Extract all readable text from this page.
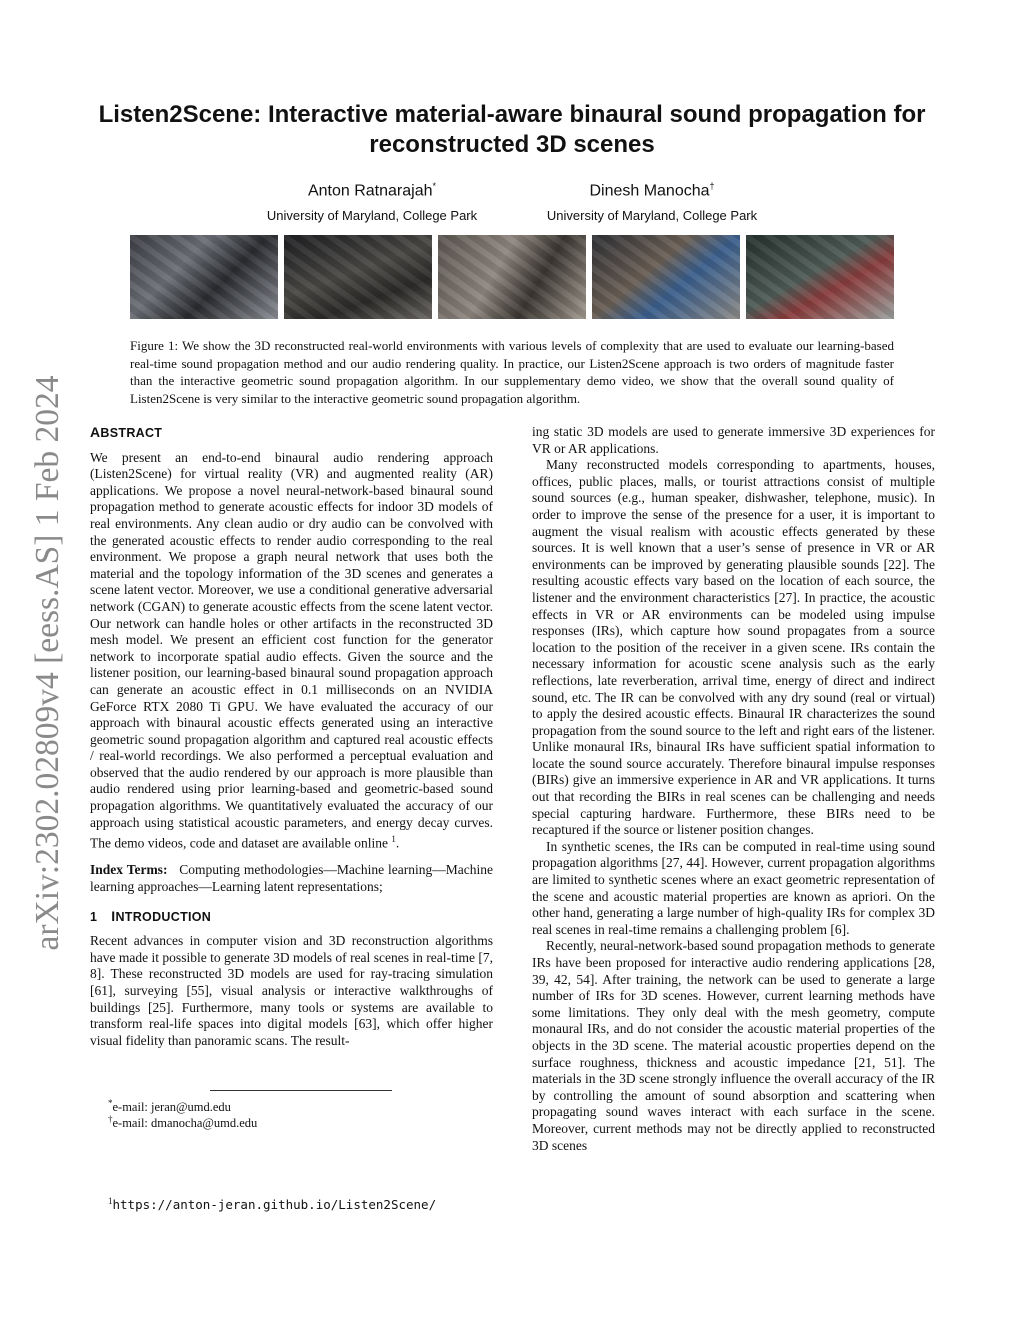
arXiv:2302.02809v4 [eess.AS] 1 Feb 2024
Listen2Scene: Interactive material-aware binaural sound propagation for reconstructed 3D scenes
Anton Ratnarajah*
University of Maryland, College Park
Dinesh Manocha†
University of Maryland, College Park

Figure 1: We show the 3D reconstructed real-world environments with various levels of complexity that are used to evaluate our learning-based real-time sound propagation method and our audio rendering quality. In practice, our Listen2Scene approach is two orders of magnitude faster than the interactive geometric sound propagation algorithm. In our supplementary demo video, we show that the overall sound quality of Listen2Scene is very similar to the interactive geometric sound propagation algorithm.

ABSTRACT

We present an end-to-end binaural audio rendering approach (Listen2Scene) for virtual reality (VR) and augmented reality (AR) applications. We propose a novel neural-network-based binaural sound propagation method to generate acoustic effects for indoor 3D models of real environments. Any clean audio or dry audio can be convolved with the generated acoustic effects to render audio corresponding to the real environment. We propose a graph neural network that uses both the material and the topology information of the 3D scenes and generates a scene latent vector. Moreover, we use a conditional generative adversarial network (CGAN) to generate acoustic effects from the scene latent vector. Our network can handle holes or other artifacts in the reconstructed 3D mesh model. We present an efficient cost function for the generator network to incorporate spatial audio effects. Given the source and the listener position, our learning-based binaural sound propagation approach can generate an acoustic effect in 0.1 milliseconds on an NVIDIA GeForce RTX 2080 Ti GPU. We have evaluated the accuracy of our approach with binaural acoustic effects generated using an interactive geometric sound propagation algorithm and captured real acoustic effects / real-world recordings. We also performed a perceptual evaluation and observed that the audio rendered by our approach is more plausible than audio rendered using prior learning-based and geometric-based sound propagation algorithms. We quantitatively evaluated the accuracy of our approach using statistical acoustic parameters, and energy decay curves. The demo videos, code and dataset are available online $^1$.

Index Terms: Computing methodologies—Machine learning—Machine learning approaches—Learning latent representations;

1 INTRODUCTION

Recent advances in computer vision and 3D reconstruction algorithms have made it possible to generate 3D models of real scenes in real-time [7, 8]. These reconstructed 3D models are used for ray-tracing simulation [61], surveying [55], visual analysis or interactive walkthroughs of buildings [25]. Furthermore, many tools or systems are available to transform real-life spaces into digital models [63], which offer higher visual fidelity than panoramic scans. The result-

ing static 3D models are used to generate immersive 3D experiences for VR or AR applications.

Many reconstructed models corresponding to apartments, houses, offices, public places, malls, or tourist attractions consist of multiple sound sources (e.g., human speaker, dishwasher, telephone, music). In order to improve the sense of the presence for a user, it is important to augment the visual realism with acoustic effects generated by these sources. It is well known that a user’s sense of presence in VR or AR environments can be improved by generating plausible sounds [22]. The resulting acoustic effects vary based on the location of each source, the listener and the environment characteristics [27]. In practice, the acoustic effects in VR or AR environments can be modeled using impulse responses (IRs), which capture how sound propagates from a source location to the position of the receiver in a given scene. IRs contain the necessary information for acoustic scene analysis such as the early reflections, late reverberation, arrival time, energy of direct and indirect sound, etc. The IR can be convolved with any dry sound (real or virtual) to apply the desired acoustic effects. Binaural IR characterizes the sound propagation from the sound source to the left and right ears of the listener. Unlike monaural IRs, binaural IRs have sufficient spatial information to locate the sound source accurately. Therefore binaural impulse responses (BIRs) give an immersive experience in AR and VR applications. It turns out that recording the BIRs in real scenes can be challenging and needs special capturing hardware. Furthermore, these BIRs need to be recaptured if the source or listener position changes.

In synthetic scenes, the IRs can be computed in real-time using sound propagation algorithms [27, 44]. However, current propagation algorithms are limited to synthetic scenes where an exact geometric representation of the scene and acoustic material properties are known as apriori. On the other hand, generating a large number of high-quality IRs for complex 3D real scenes in real-time remains a challenging problem [6].

Recently, neural-network-based sound propagation methods to generate IRs have been proposed for interactive audio rendering applications [28, 39, 42, 54]. After training, the network can be used to generate a large number of IRs for 3D scenes. However, current learning methods have some limitations. They only deal with the mesh geometry, compute monaural IRs, and do not consider the acoustic material properties of the objects in the 3D scene. The material acoustic properties depend on the surface roughness, thickness and acoustic impedance [21, 51]. The materials in the 3D scene strongly influence the overall accuracy of the IR by controlling the amount of sound absorption and scattering when propagating sound waves interact with each surface in the scene. Moreover, current methods may not be directly applied to reconstructed 3D scenes

*e-mail: jeran@umd.edu
†e-mail: dmanocha@umd.edu
$^1$https://anton-jeran.github.io/Listen2Scene/
